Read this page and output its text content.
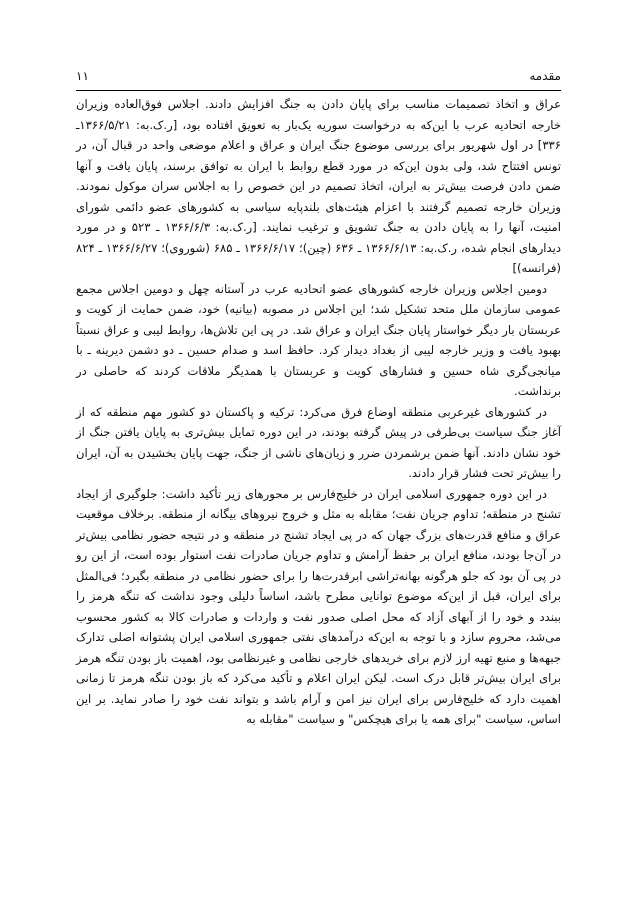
مقدمه
۱۱

عراق و اتخاذ تصمیمات مناسب برای پایان دادن به جنگ افزایش دادند. اجلاس فوق‌العاده وزیران خارجه اتحادیه عرب با این‌که به درخواست سوریه یک‌بار به تعویق افتاده بود، [ر.ک.به: ۱۳۶۶/۵/۲۱ـ ۳۳۶] در اول شهریور برای بررسی موضوع جنگ ایران و عراق و اعلام موضعی واحد در قبال آن، در تونس افتتاح شد، ولی بدون این‌که در مورد قطع روابط با ایران به توافق برسند، پایان یافت و آنها ضمن دادن فرصت بیش‌تر به ایران، اتخاذ تصمیم در این خصوص را به اجلاس سران موکول نمودند. وزیران خارجه تصمیم گرفتند با اعزام هیئت‌های بلندپایه سیاسی به کشورهای عضو دائمی شورای امنیت، آنها را به پایان دادن به جنگ تشویق و ترغیب نمایند. [ر.ک.به: ۱۳۶۶/۶/۳ ـ ۵۲۳ و در مورد دیدارهای انجام شده، ر.ک.به: ۱۳۶۶/۶/۱۳ ـ ۶۳۶ (چین)؛ ۱۳۶۶/۶/۱۷ ـ ۶۸۵ (شوروی)؛ ۱۳۶۶/۶/۲۷ ـ ۸۲۴ (فرانسه)]

دومین اجلاس وزیران خارجه کشورهای عضو اتحادیه عرب در آستانه چهل و دومین اجلاس مجمع عمومی سازمان ملل متحد تشکیل شد؛ این اجلاس در مصوبه (بیانیه) خود، ضمن حمایت از کویت و عربستان بار دیگر خواستار پایان جنگ ایران و عراق شد. در پی این تلاش‌ها، روابط لیبی و عراق نسبتاً بهبود یافت و وزیر خارجه لیبی از بغداد دیدار کرد. حافظ اسد و صدام حسین ـ دو دشمن دیرینه ـ با میانجی‌گری شاه حسین و فشارهای کویت و عربستان با همدیگر ملاقات کردند که حاصلی در برنداشت.

در کشورهای غیرعربی منطقه اوضاع فرق می‌کرد: ترکیه و پاکستان دو کشور مهم منطقه که از آغاز جنگ سیاست بی‌طرفی در پیش گرفته بودند، در این دوره تمایل بیش‌تری به پایان یافتن جنگ از خود نشان دادند. آنها ضمن برشمردن ضرر و زیان‌های ناشی از جنگ، جهت پایان بخشیدن به آن، ایران را بیش‌تر تحت فشار قرار دادند.

در این دوره جمهوری اسلامی ایران در خلیج‌فارس بر محورهای زیر تأکید داشت: جلوگیری از ایجاد تشنج در منطقه؛ تداوم جریان نفت؛ مقابله به مثل و خروج نیروهای بیگانه از منطقه. برخلاف موقعیت عراق و منافع قدرت‌های بزرگ جهان که در پی ایجاد تشنج در منطقه و در نتیجه حضور نظامی بیش‌تر در آن‌جا بودند، منافع ایران بر حفظ آرامش و تداوم جریان صادرات نفت استوار بوده است، از این رو در پی آن بود که جلو هرگونه بهانه‌تراشی ابرقدرت‌ها را برای حضور نظامی در منطقه بگیرد؛ فی‌المثل برای ایران، قبل از این‌که موضوع توانایی مطرح باشد، اساساً دلیلی وجود نداشت که تنگه هرمز را ببندد و خود را از آبهای آزاد که محل اصلی صدور نفت و واردات و صادرات کالا به کشور محسوب می‌شد، محروم سازد و با توجه به این‌که درآمدهای نفتی جمهوری اسلامی ایران پشتوانه اصلی تدارک جبهه‌ها و منبع تهیه ارز لازم برای خریدهای خارجی نظامی و غیرنظامی بود، اهمیت باز بودن تنگه هرمز برای ایران بیش‌تر قابل درک است. لیکن ایران اعلام و تأکید می‌کرد که باز بودن تنگه هرمز تا زمانی اهمیت دارد که خلیج‌فارس برای ایران نیز امن و آرام باشد و بتواند نفت خود را صادر نماید. بر این اساس، سیاست "برای همه یا برای هیچکس" و سیاست "مقابله به
